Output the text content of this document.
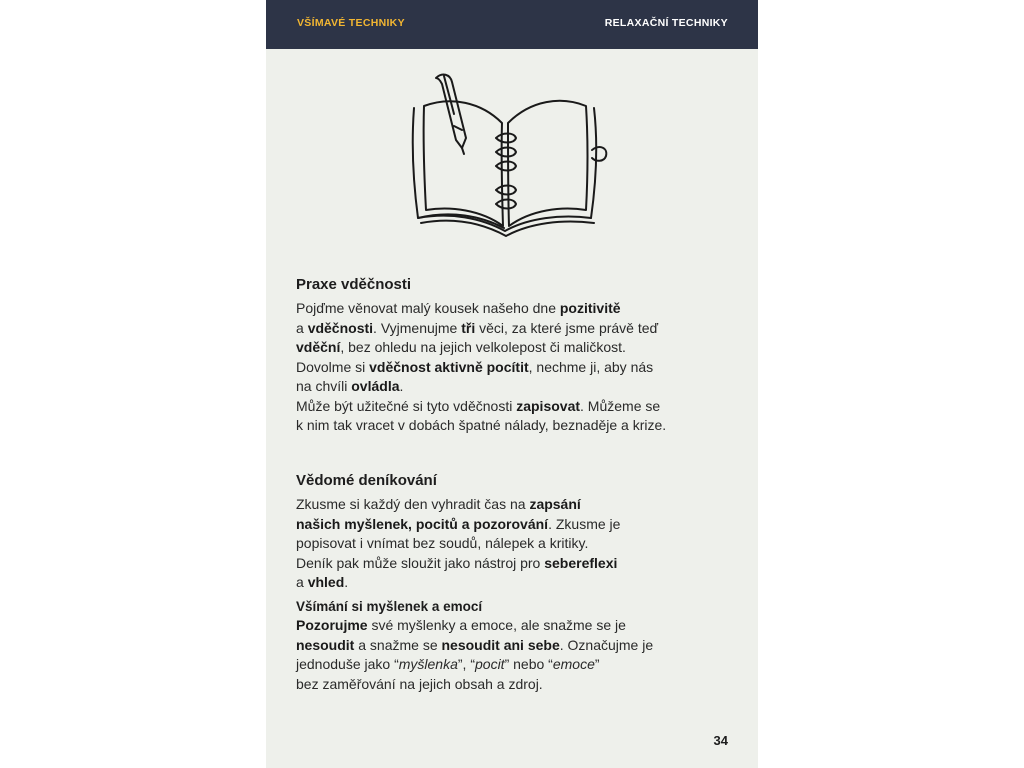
VŠÍMAVÉ TECHNIKY	RELAXAČNÍ TECHNIKY

Praxe vděčnosti

Pojďme věnovat malý kousek našeho dne pozitivitě
a vděčnosti. Vyjmenujme tři věci, za které jsme právě teď
vděční, bez ohledu na jejich velkolepost či maličkost.
Dovolme si vděčnost aktivně pocítit, nechme ji, aby nás
na chvíli ovládla.
Může být užitečné si tyto vděčnosti zapisovat. Můžeme se
k nim tak vracet v dobách špatné nálady, beznaděje a krize.

Vědomé deníkování

Zkusme si každý den vyhradit čas na zapsání
našich myšlenek, pocitů a pozorování. Zkusme je
popisovat i vnímat bez soudů, nálepek a kritiky.
Deník pak může sloužit jako nástroj pro sebereflexi
a vhled.

Všímání si myšlenek a emocí

Pozorujme své myšlenky a emoce, ale snažme se je
nesoudit a snažme se nesoudit ani sebe. Označujme je
jednoduše jako “myšlenka”, “pocit” nebo “emoce”
bez zaměřování na jejich obsah a zdroj.

34
